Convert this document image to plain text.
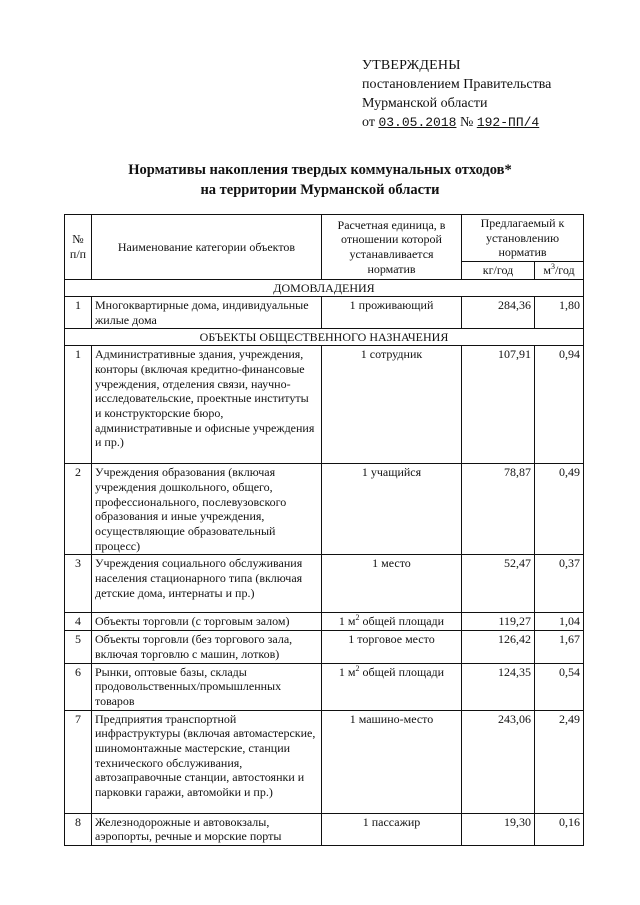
УТВЕРЖДЕНЫ
постановлением Правительства
Мурманской области
от 03.05.2018 № 192-ПП/4
Нормативы накопления твердых коммунальных отходов*
на территории Мурманской области
№ п/п	Наименование категории объектов	Расчетная единица, в отношении которой устанавливается норматив	Предлагаемый к установлению норматив	
			кг/год	$м^3$/год
ДОМОВЛАДЕНИЯ				
1	Многоквартирные дома, индивидуальные жилые дома	1 проживающий	284,36	1,80
ОБЪЕКТЫ ОБЩЕСТВЕННОГО НАЗНАЧЕНИЯ				
1	Административные здания, учреждения, конторы (включая кредитно-финансовые учреждения, отделения связи, научно-исследовательские, проектные институты и конструкторские бюро, административные и офисные учреждения и пр.)	1 сотрудник	107,91	0,94
2	Учреждения образования (включая учреждения дошкольного, общего, профессионального, послевузовского образования и иные учреждения, осуществляющие образовательный процесс)	1 учащийся	78,87	0,49
3	Учреждения социального обслуживания населения стационарного типа (включая детские дома, интернаты и пр.)	1 место	52,47	0,37
4	Объекты торговли (с торговым залом)	1 $м^2$ общей площади	119,27	1,04
5	Объекты торговли (без торгового зала, включая торговлю с машин, лотков)	1 торговое место	126,42	1,67
6	Рынки, оптовые базы, склады продовольственных/промышленных товаров	1 $м^2$ общей площади	124,35	0,54
7	Предприятия транспортной инфраструктуры (включая автомастерские, шиномонтажные мастерские, станции технического обслуживания, автозаправочные станции, автостоянки и парковки гаражи, автомойки и пр.)	1 машино-место	243,06	2,49
8	Железнодорожные и автовокзалы, аэропорты, речные и морские порты	1 пассажир	19,30	0,16
